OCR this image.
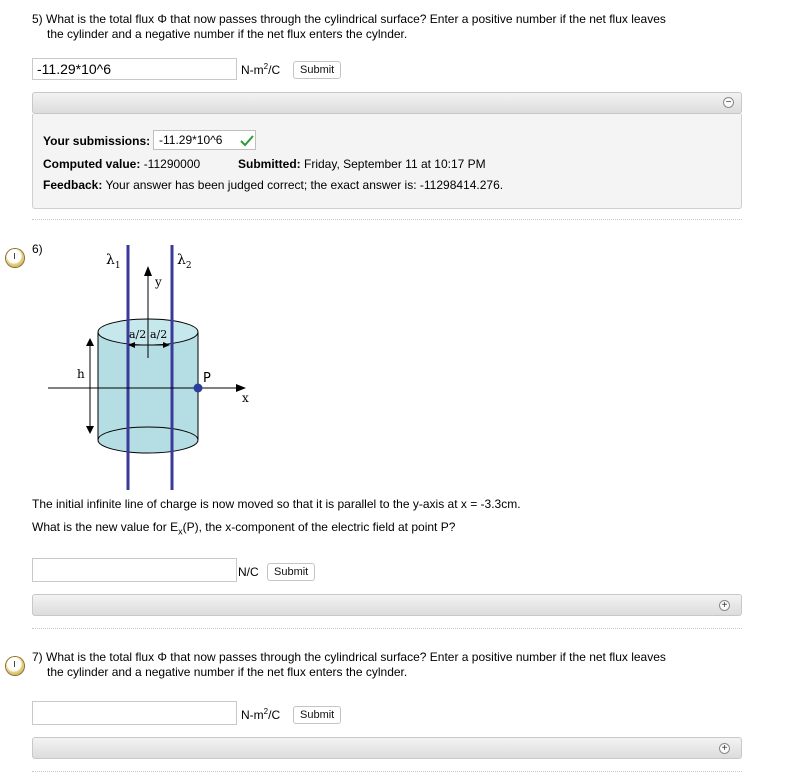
5) What is the total flux Φ that now passes through the cylindrical surface? Enter a positive number if the net flux leaves
the cylinder and a negative number if the net flux enters the cylnder.
-11.29*10^6
$N-m^2/C$	Submit
−
Your submissions: -11.29*10^6
Computed value: -11290000	Submitted: Friday, September 11 at 10:17 PM
Feedback: Your answer has been judged correct; the exact answer is: -11298414.276.
6)
$\lambda_1$	$\lambda_2$
y
x
h	P
a/2 a/2
The initial infinite line of charge is now moved so that it is parallel to the y-axis at x = -3.3cm.
What is the new value for $E_x(P)$, the x-component of the electric field at point P?
N/C	Submit
+
7) What is the total flux Φ that now passes through the cylindrical surface? Enter a positive number if the net flux leaves
the cylinder and a negative number if the net flux enters the cylnder.
$N-m^2/C$	Submit
+
